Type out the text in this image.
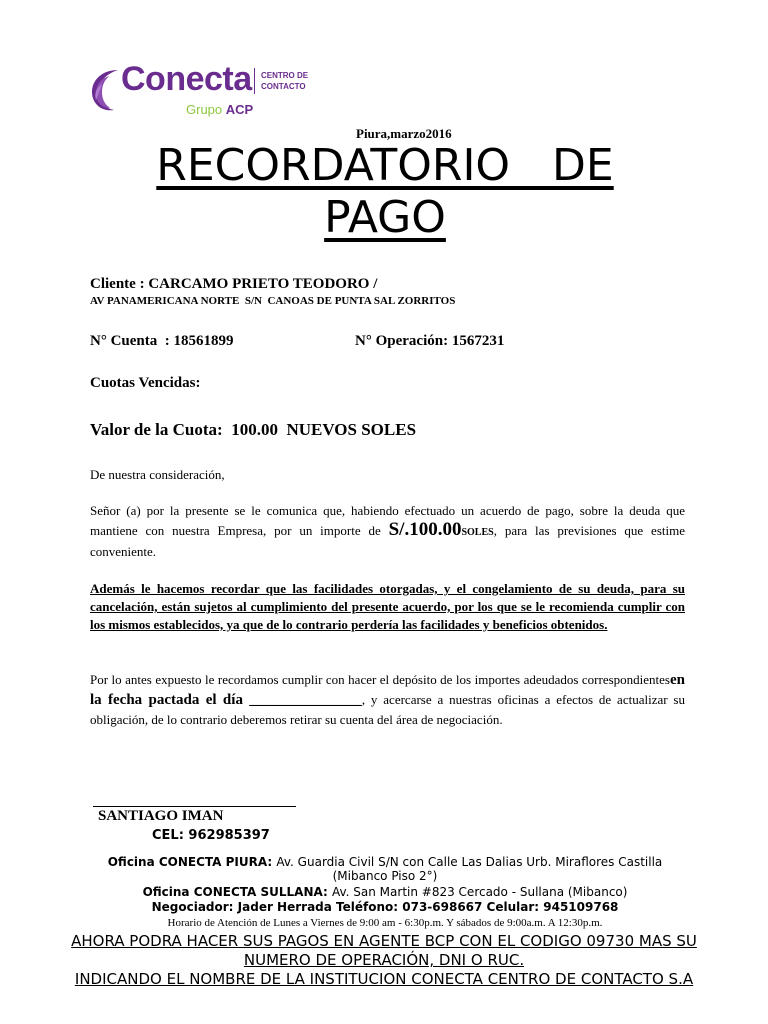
Conecta
Grupo ACP
CENTRO DE
CONTACTO
Piura,marzo2016
RECORDATORIO   DE
PAGO
Cliente : CARCAMO PRIETO TEODORO /
AV PANAMERICANA NORTE  S/N  CANOAS DE PUNTA SAL ZORRITOS
N° Cuenta  : 18561899	N° Operación: 1567231
Cuotas Vencidas:
Valor de la Cuota:  100.00 NUEVOS SOLES
De nuestra consideración,
Señor (a) por la presente se le comunica que, habiendo efectuado un acuerdo de pago, sobre la deuda que mantiene con nuestra Empresa, por un importe de S/.100.00SOLES, para las previsiones que estime conveniente.
Además le hacemos recordar que las facilidades otorgadas, y el congelamiento de su deuda, para su cancelación, están sujetos al cumplimiento del presente acuerdo, por los que se le recomienda cumplir con los mismos establecidos, ya que de lo contrario perdería las facilidades y beneficios obtenidos.
Por lo antes expuesto le recordamos cumplir con hacer el depósito de los importes adeudados correspondientesen la fecha pactada el día _______________, y acercarse a nuestras oficinas a efectos de actualizar su obligación, de lo contrario deberemos retirar su cuenta del área de negociación.
SANTIAGO IMAN
CEL: 962985397
Oficina CONECTA PIURA: Av. Guardia Civil S/N con Calle Las Dalias Urb. Miraflores Castilla (Mibanco Piso 2°)
Oficina CONECTA SULLANA: Av. San Martin #823 Cercado - Sullana (Mibanco)
Negociador: Jader Herrada Teléfono: 073-698667 Celular: 945109768
Horario de Atención de Lunes a Viernes de 9:00 am - 6:30p.m. Y sábados de 9:00a.m. A 12:30p.m.
AHORA PODRA HACER SUS PAGOS EN AGENTE BCP CON EL CODIGO 09730 MAS SU NUMERO DE OPERACIÓN, DNI O RUC.
INDICANDO EL NOMBRE DE LA INSTITUCION CONECTA CENTRO DE CONTACTO S.A
